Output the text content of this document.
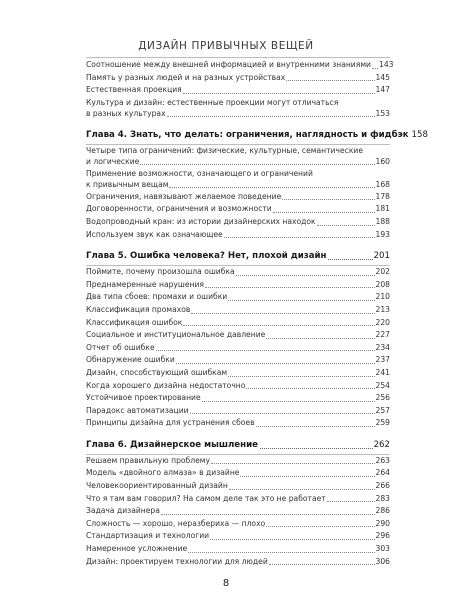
ДИЗАЙН ПРИВЫЧНЫХ ВЕЩЕЙ
Соотношение между внешней информацией и внутренними знаниями 143
Память у разных людей и на разных устройствах	145
Естественная проекция	147
Культура и дизайн: естественные проекции могут отличаться
в разных культурах	153
Глава 4. Знать, что делать: ограничения, наглядность и фидбэк 158
Четыре типа ограничений: физические, культурные, семантические
и логические	160
Применение возможности, означающего и ограничений
к привычным вещам	168
Ограничения, навязывают желаемое поведение	178
Договоренности, ограничения и возможности	181
Водопроводный кран: из истории дизайнерских находок	188
Используем звук как означающее	193
Глава 5. Ошибка человека? Нет, плохой дизайн	201
Поймите, почему произошла ошибка	202
Преднамеренные нарушения	208
Два типа сбоев: промахи и ошибки	210
Классификация промахов	213
Классификация ошибок	220
Социальное и институциональное давление	227
Отчет об ошибке	234
Обнаружение ошибки	237
Дизайн, способствующий ошибкам	241
Когда хорошего дизайна недостаточно	254
Устойчивое проектирование	256
Парадокс автоматизации	257
Принципы дизайна для устранения сбоев	259
Глава 6. Дизайнерское мышление	262
Решаем правильную проблему	263
Модель «двойного алмаза» в дизайне	264
Человекоориентированный дизайн	266
Что я там вам говорил? На самом деле так это не работает	283
Задача дизайнера	286
Сложность — хорошо, неразбериха — плохо	290
Стандартизация и технологии	296
Намеренное усложнение	303
Дизайн: проектируем технологии для людей	306
8
